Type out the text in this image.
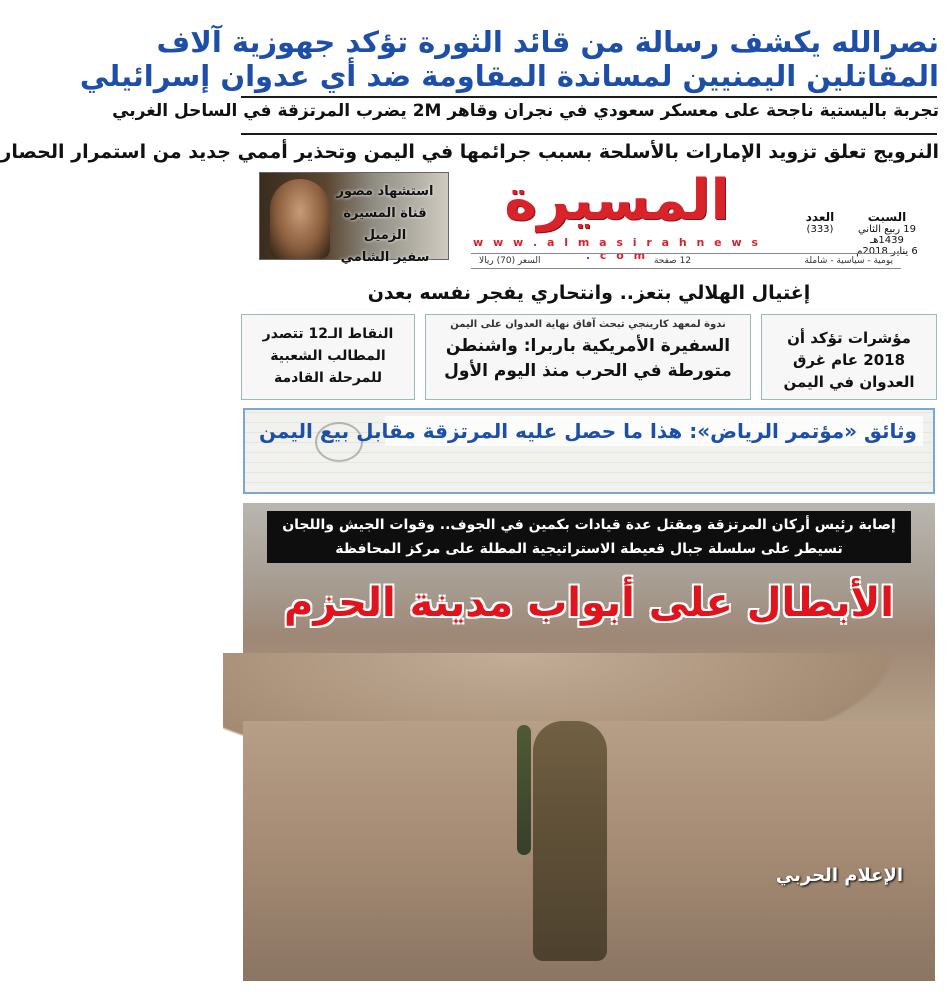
نصرالله يكشف رسالة من قائد الثورة تؤكد جهوزية آلاف
المقاتلين اليمنيين لمساندة المقاومة ضد أي عدوان إسرائيلي
تجربة باليستية ناجحة على معسكر سعودي في نجران وقاهر 2M يضرب المرتزقة في الساحل الغربي
النرويج تعلق تزويد الإمارات بالأسلحة بسبب جرائمها في اليمن وتحذير أممي جديد من استمرار الحصار
السبت
19 ربيع الثاني 1439هـ
6 يناير 2018م
العدد
(333)
المسيرة
w w w . a l m a s i r a h n e w s . c o m
استشهاد مصور
قناة المسيرة الزميل
سفير الشامي	يومية - سياسية - شاملة
12 صفحة
السعر (70) ريالا
إغتيال الهلالي بتعز.. وانتحاري يفجر نفسه بعدن

مؤشرات تؤكد أن
2018 عام غرق
العدوان في اليمن

ندوة لمعهد كارينجي تبحث آفاق نهاية العدوان على اليمن

السفيرة الأمريكية باربرا: واشنطن
متورطة في الحرب منذ اليوم الأول

النقاط الـ12 تتصدر
المطالب الشعبية
للمرحلة القادمة

وثائق «مؤتمر الرياض»: هذا ما حصل عليه المرتزقة مقابل بيع اليمن
إصابة رئيس أركان المرتزقة ومقتل عدة قيادات بكمين في الجوف.. وقوات الجيش واللجان
تسيطر على سلسلة جبال قعيطة الاستراتيجية المطلة على مركز المحافظة
الأبطال على أبواب مدينة الحزم
الإعلام الحربي
